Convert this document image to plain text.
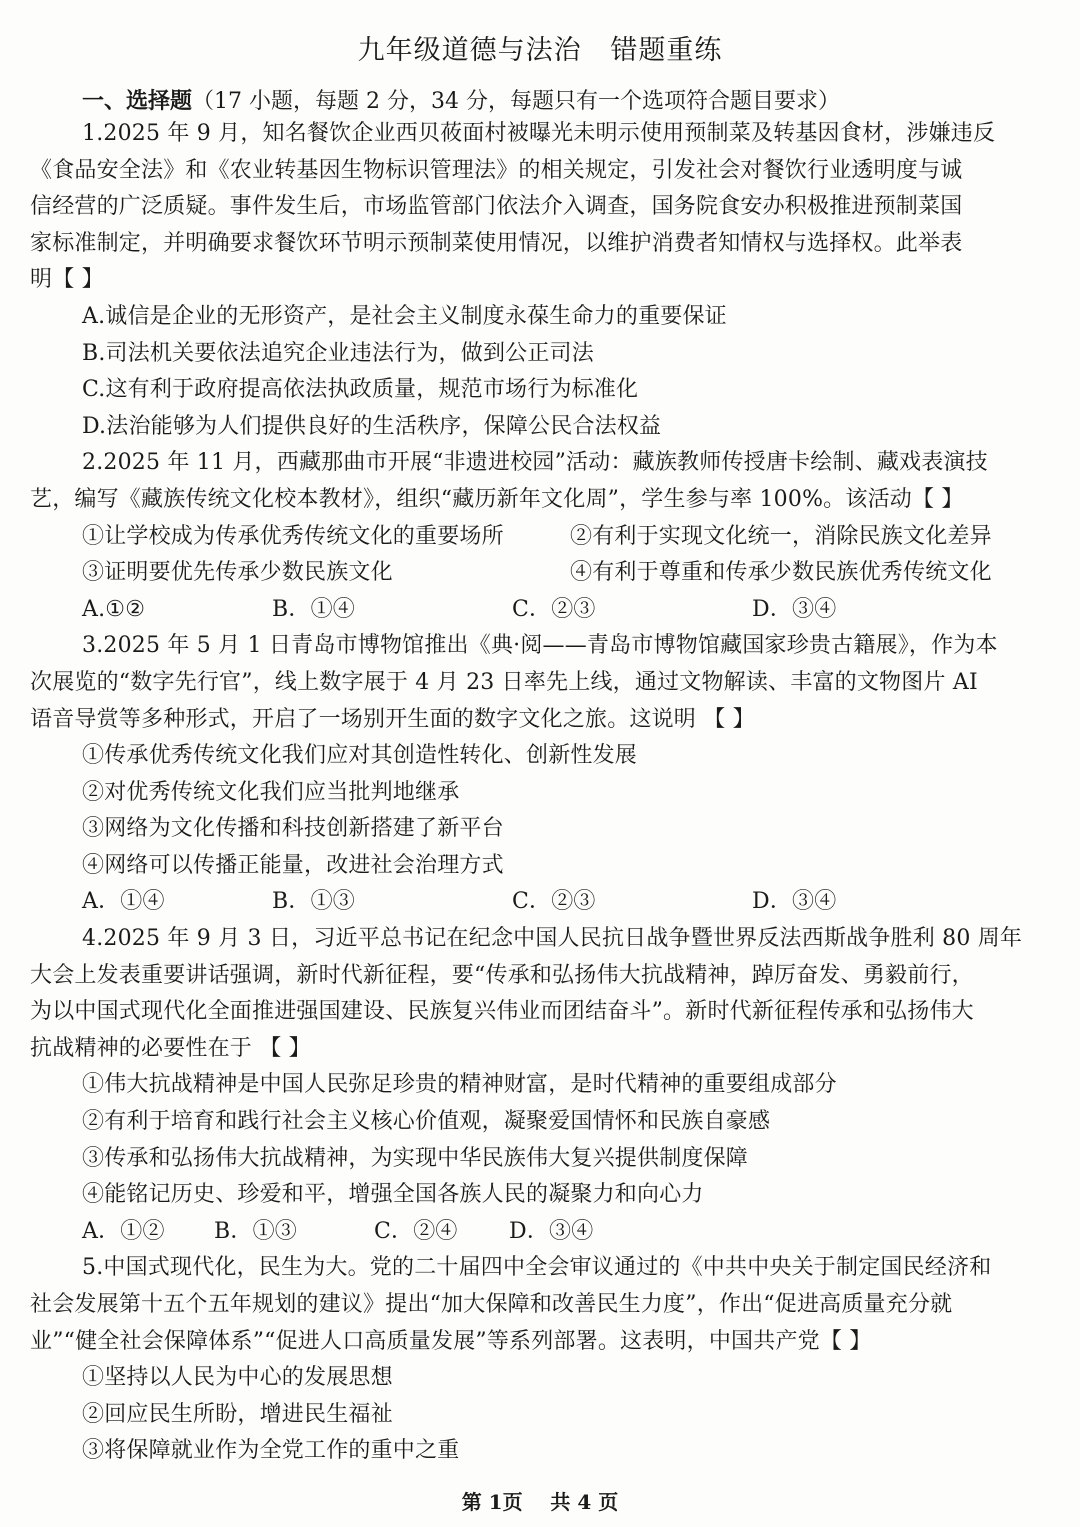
九年级道德与法治   错题重练
一、选择题（17 小题，每题 2 分，34 分，每题只有一个选项符合题目要求）

1.2025 年 9 月，知名餐饮企业西贝莜面村被曝光未明示使用预制菜及转基因食材，涉嫌违反

《食品安全法》和《农业转基因生物标识管理法》的相关规定，引发社会对餐饮行业透明度与诚

信经营的广泛质疑。事件发生后，市场监管部门依法介入调查，国务院食安办积极推进预制菜国

家标准制定，并明确要求餐饮环节明示预制菜使用情况，以维护消费者知情权与选择权。此举表

明【 】

A.诚信是企业的无形资产，是社会主义制度永葆生命力的重要保证

B.司法机关要依法追究企业违法行为，做到公正司法

C.这有利于政府提高依法执政质量，规范市场行为标准化

D.法治能够为人们提供良好的生活秩序，保障公民合法权益

2.2025 年 11 月，西藏那曲市开展“非遗进校园”活动：藏族教师传授唐卡绘制、藏戏表演技

艺，编写《藏族传统文化校本教材》，组织“藏历新年文化周”，学生参与率 100%。该活动【 】

①让学校成为传承优秀传统文化的重要场所	②有利于实现文化统一，消除民族文化差异
③证明要优先传承少数民族文化	④有利于尊重和传承少数民族优秀传统文化
A.①②	B．①④	C．②③	D．③④

3.2025 年 5 月 1 日青岛市博物馆推出《典·阅——青岛市博物馆藏国家珍贵古籍展》，作为本

次展览的“数字先行官”，线上数字展于 4 月 23 日率先上线，通过文物解读、丰富的文物图片 AI

语音导赏等多种形式，开启了一场别开生面的数字文化之旅。这说明 【 】

①传承优秀传统文化我们应对其创造性转化、创新性发展

②对优秀传统文化我们应当批判地继承

③网络为文化传播和科技创新搭建了新平台

④网络可以传播正能量，改进社会治理方式

A．①④	B．①③	C．②③	D．③④

4.2025 年 9 月 3 日，习近平总书记在纪念中国人民抗日战争暨世界反法西斯战争胜利 80 周年

大会上发表重要讲话强调，新时代新征程，要“传承和弘扬伟大抗战精神，踔厉奋发、勇毅前行，

为以中国式现代化全面推进强国建设、民族复兴伟业而团结奋斗”。新时代新征程传承和弘扬伟大

抗战精神的必要性在于 【 】

①伟大抗战精神是中国人民弥足珍贵的精神财富，是时代精神的重要组成部分

②有利于培育和践行社会主义核心价值观，凝聚爱国情怀和民族自豪感

③传承和弘扬伟大抗战精神，为实现中华民族伟大复兴提供制度保障

④能铭记历史、珍爱和平，增强全国各族人民的凝聚力和向心力

A．①②	B．①③	C．②④	D．③④

5.中国式现代化，民生为大。党的二十届四中全会审议通过的《中共中央关于制定国民经济和

社会发展第十五个五年规划的建议》提出“加大保障和改善民生力度”，作出“促进高质量充分就

业”“健全社会保障体系”“促进人口高质量发展”等系列部署。这表明，中国共产党【 】

①坚持以人民为中心的发展思想

②回应民生所盼，增进民生福祉

③将保障就业作为全党工作的重中之重

第 1页    共 4 页
